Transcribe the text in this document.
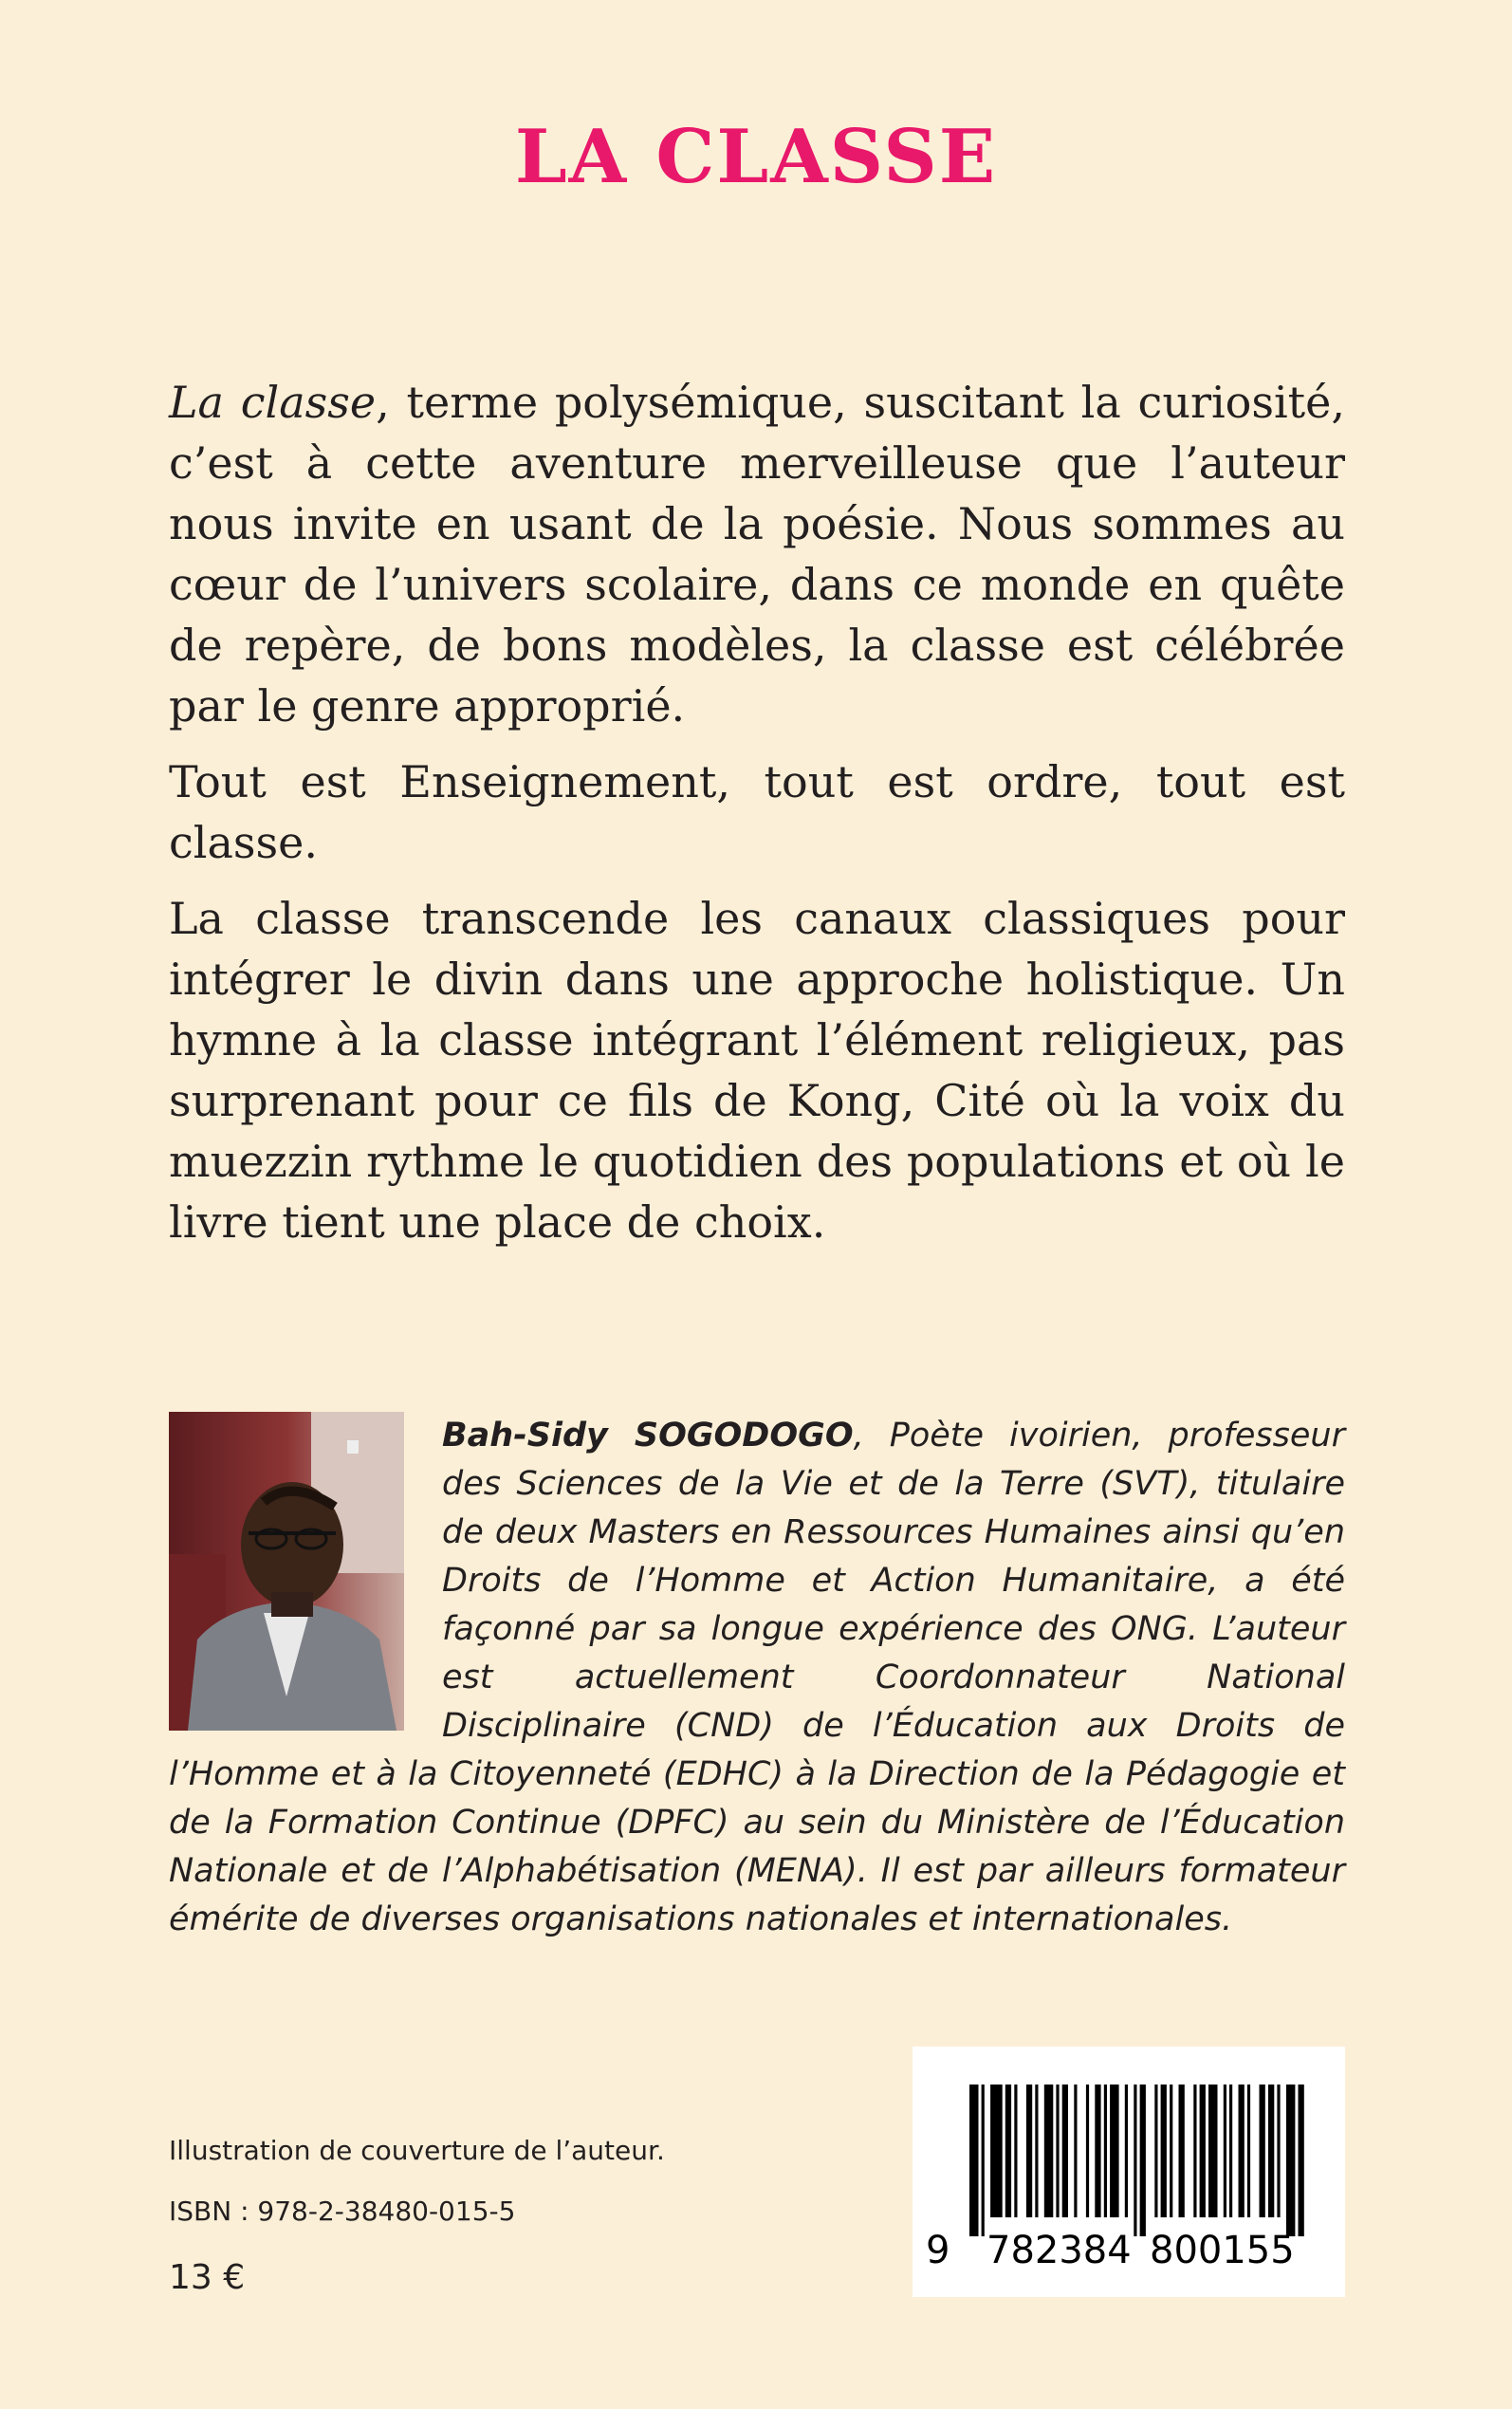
LA CLASSE

La classe, terme polysémique, suscitant la curiosité, c’est à cette aventure merveilleuse que l’auteur nous invite en usant de la poésie. Nous sommes au cœur de l’univers scolaire, dans ce monde en quête de repère, de bons modèles, la classe est célébrée par le genre approprié.

Tout est Enseignement, tout est ordre, tout est classe.

La classe transcende les canaux classiques pour intégrer le divin dans une approche holistique. Un hymne à la classe intégrant l’élément religieux, pas surprenant pour ce fils de Kong, Cité où la voix du muezzin rythme le quotidien des populations et où le livre tient une place de choix.

Bah-Sidy SOGODOGO, Poète ivoirien, professeur des Sciences de la Vie et de la Terre (SVT), titulaire de deux Masters en Ressources Humaines ainsi qu’en Droits de l’Homme et Action Humanitaire, a été façonné par sa longue expérience des ONG. L’auteur est actuellement Coordonnateur National Disciplinaire (CND) de l’Éducation aux Droits de l’Homme et à la Citoyenneté (EDHC) à la Direction de la Pédagogie et de la Formation Continue (DPFC) au sein du Ministère de l’Éducation Nationale et de l’Alphabétisation (MENA). Il est par ailleurs formateur émérite de diverses organisations nationales et internationales.
Illustration de couverture de l’auteur.
ISBN : 978-2-38480-015-5
13 €
9 782384 800155
